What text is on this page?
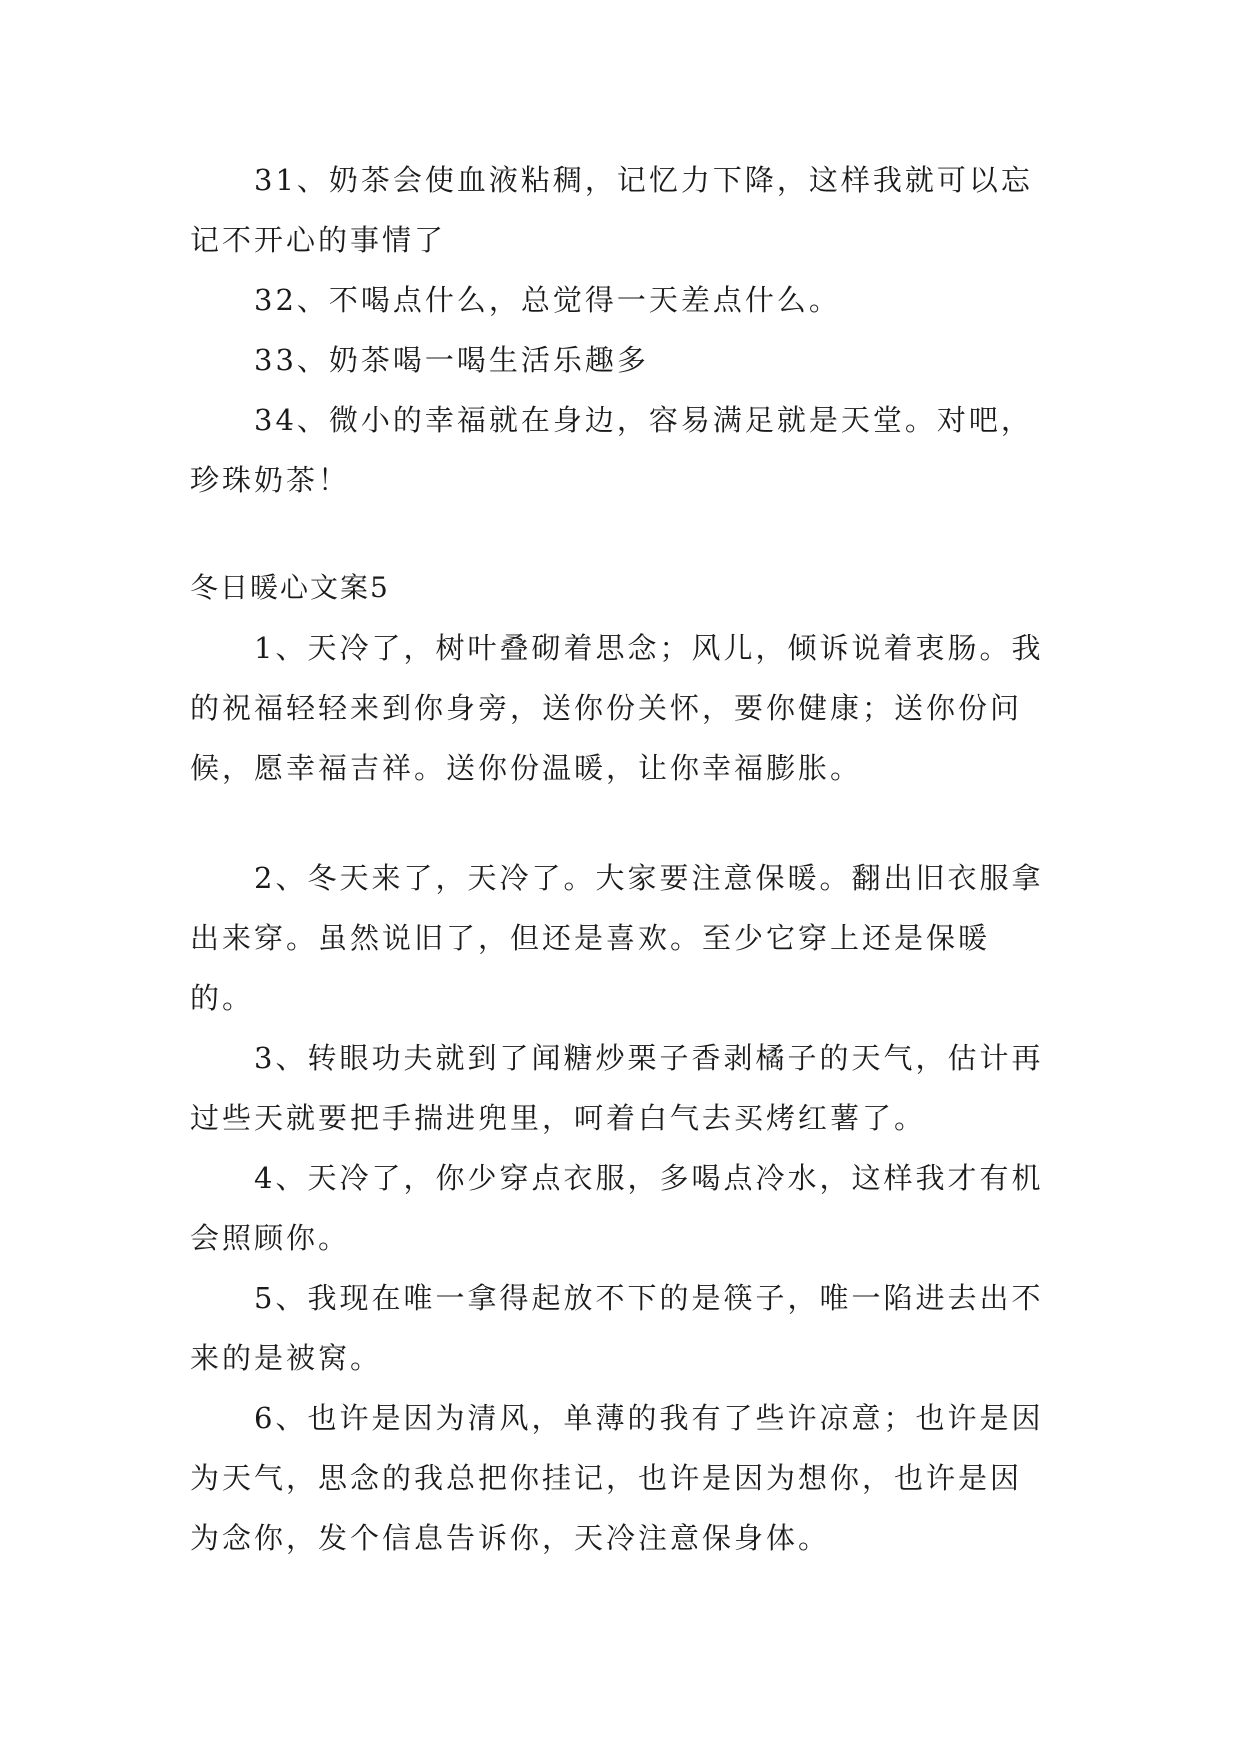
31、奶茶会使血液粘稠，记忆力下降，这样我就可以忘记不开心的事情了

32、不喝点什么，总觉得一天差点什么。

33、奶茶喝一喝生活乐趣多

34、微小的幸福就在身边，容易满足就是天堂。对吧，珍珠奶茶！

冬日暖心文案5

1、天冷了，树叶叠砌着思念；风儿，倾诉说着衷肠。我的祝福轻轻来到你身旁，送你份关怀，要你健康；送你份问候，愿幸福吉祥。送你份温暖，让你幸福膨胀。

2、冬天来了，天冷了。大家要注意保暖。翻出旧衣服拿出来穿。虽然说旧了，但还是喜欢。至少它穿上还是保暖的。

3、转眼功夫就到了闻糖炒栗子香剥橘子的天气，估计再过些天就要把手揣进兜里，呵着白气去买烤红薯了。

4、天冷了，你少穿点衣服，多喝点冷水，这样我才有机会照顾你。

5、我现在唯一拿得起放不下的是筷子，唯一陷进去出不来的是被窝。

6、也许是因为清风，单薄的我有了些许凉意；也许是因为天气，思念的我总把你挂记，也许是因为想你，也许是因为念你，发个信息告诉你，天冷注意保身体。
